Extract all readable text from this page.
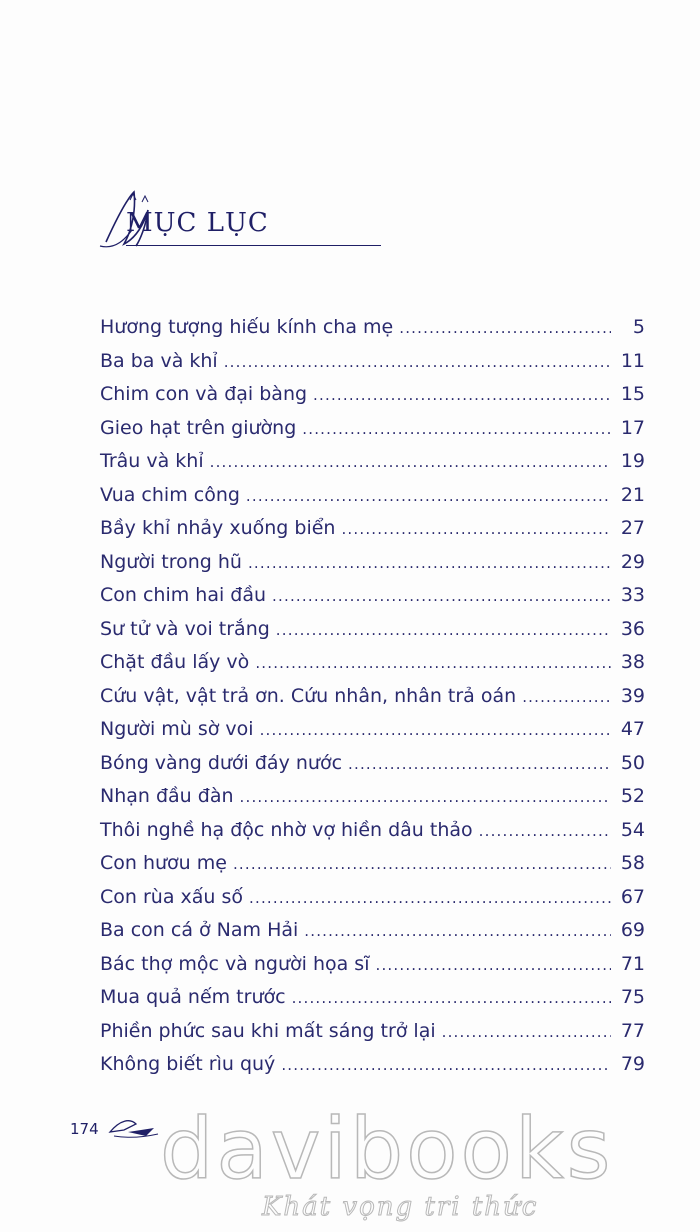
MỤC LỤC
Hương tượng hiếu kính cha mẹ .....	5
Ba ba và khỉ .....	11
Chim con và đại bàng .....	15
Gieo hạt trên giường .....	17
Trâu và khỉ .....	19
Vua chim công .....	21
Bầy khỉ nhảy xuống biển .....	27
Người trong hũ .....	29
Con chim hai đầu .....	33
Sư tử và voi trắng .....	36
Chặt đầu lấy vò .....	38
Cứu vật, vật trả ơn. Cứu nhân, nhân trả oán .....	39
Người mù sờ voi .....	47
Bóng vàng dưới đáy nước .....	50
Nhạn đầu đàn .....	52
Thôi nghề hạ độc nhờ vợ hiền dâu thảo .....	54
Con hươu mẹ .....	58
Con rùa xấu số .....	67
Ba con cá ở Nam Hải .....	69
Bác thợ mộc và người họa sĩ .....	71
Mua quả nếm trước .....	75
Phiền phức sau khi mất sáng trở lại .....	77
Không biết rìu quý .....	79
174 davibooks
Khát vọng tri thức
